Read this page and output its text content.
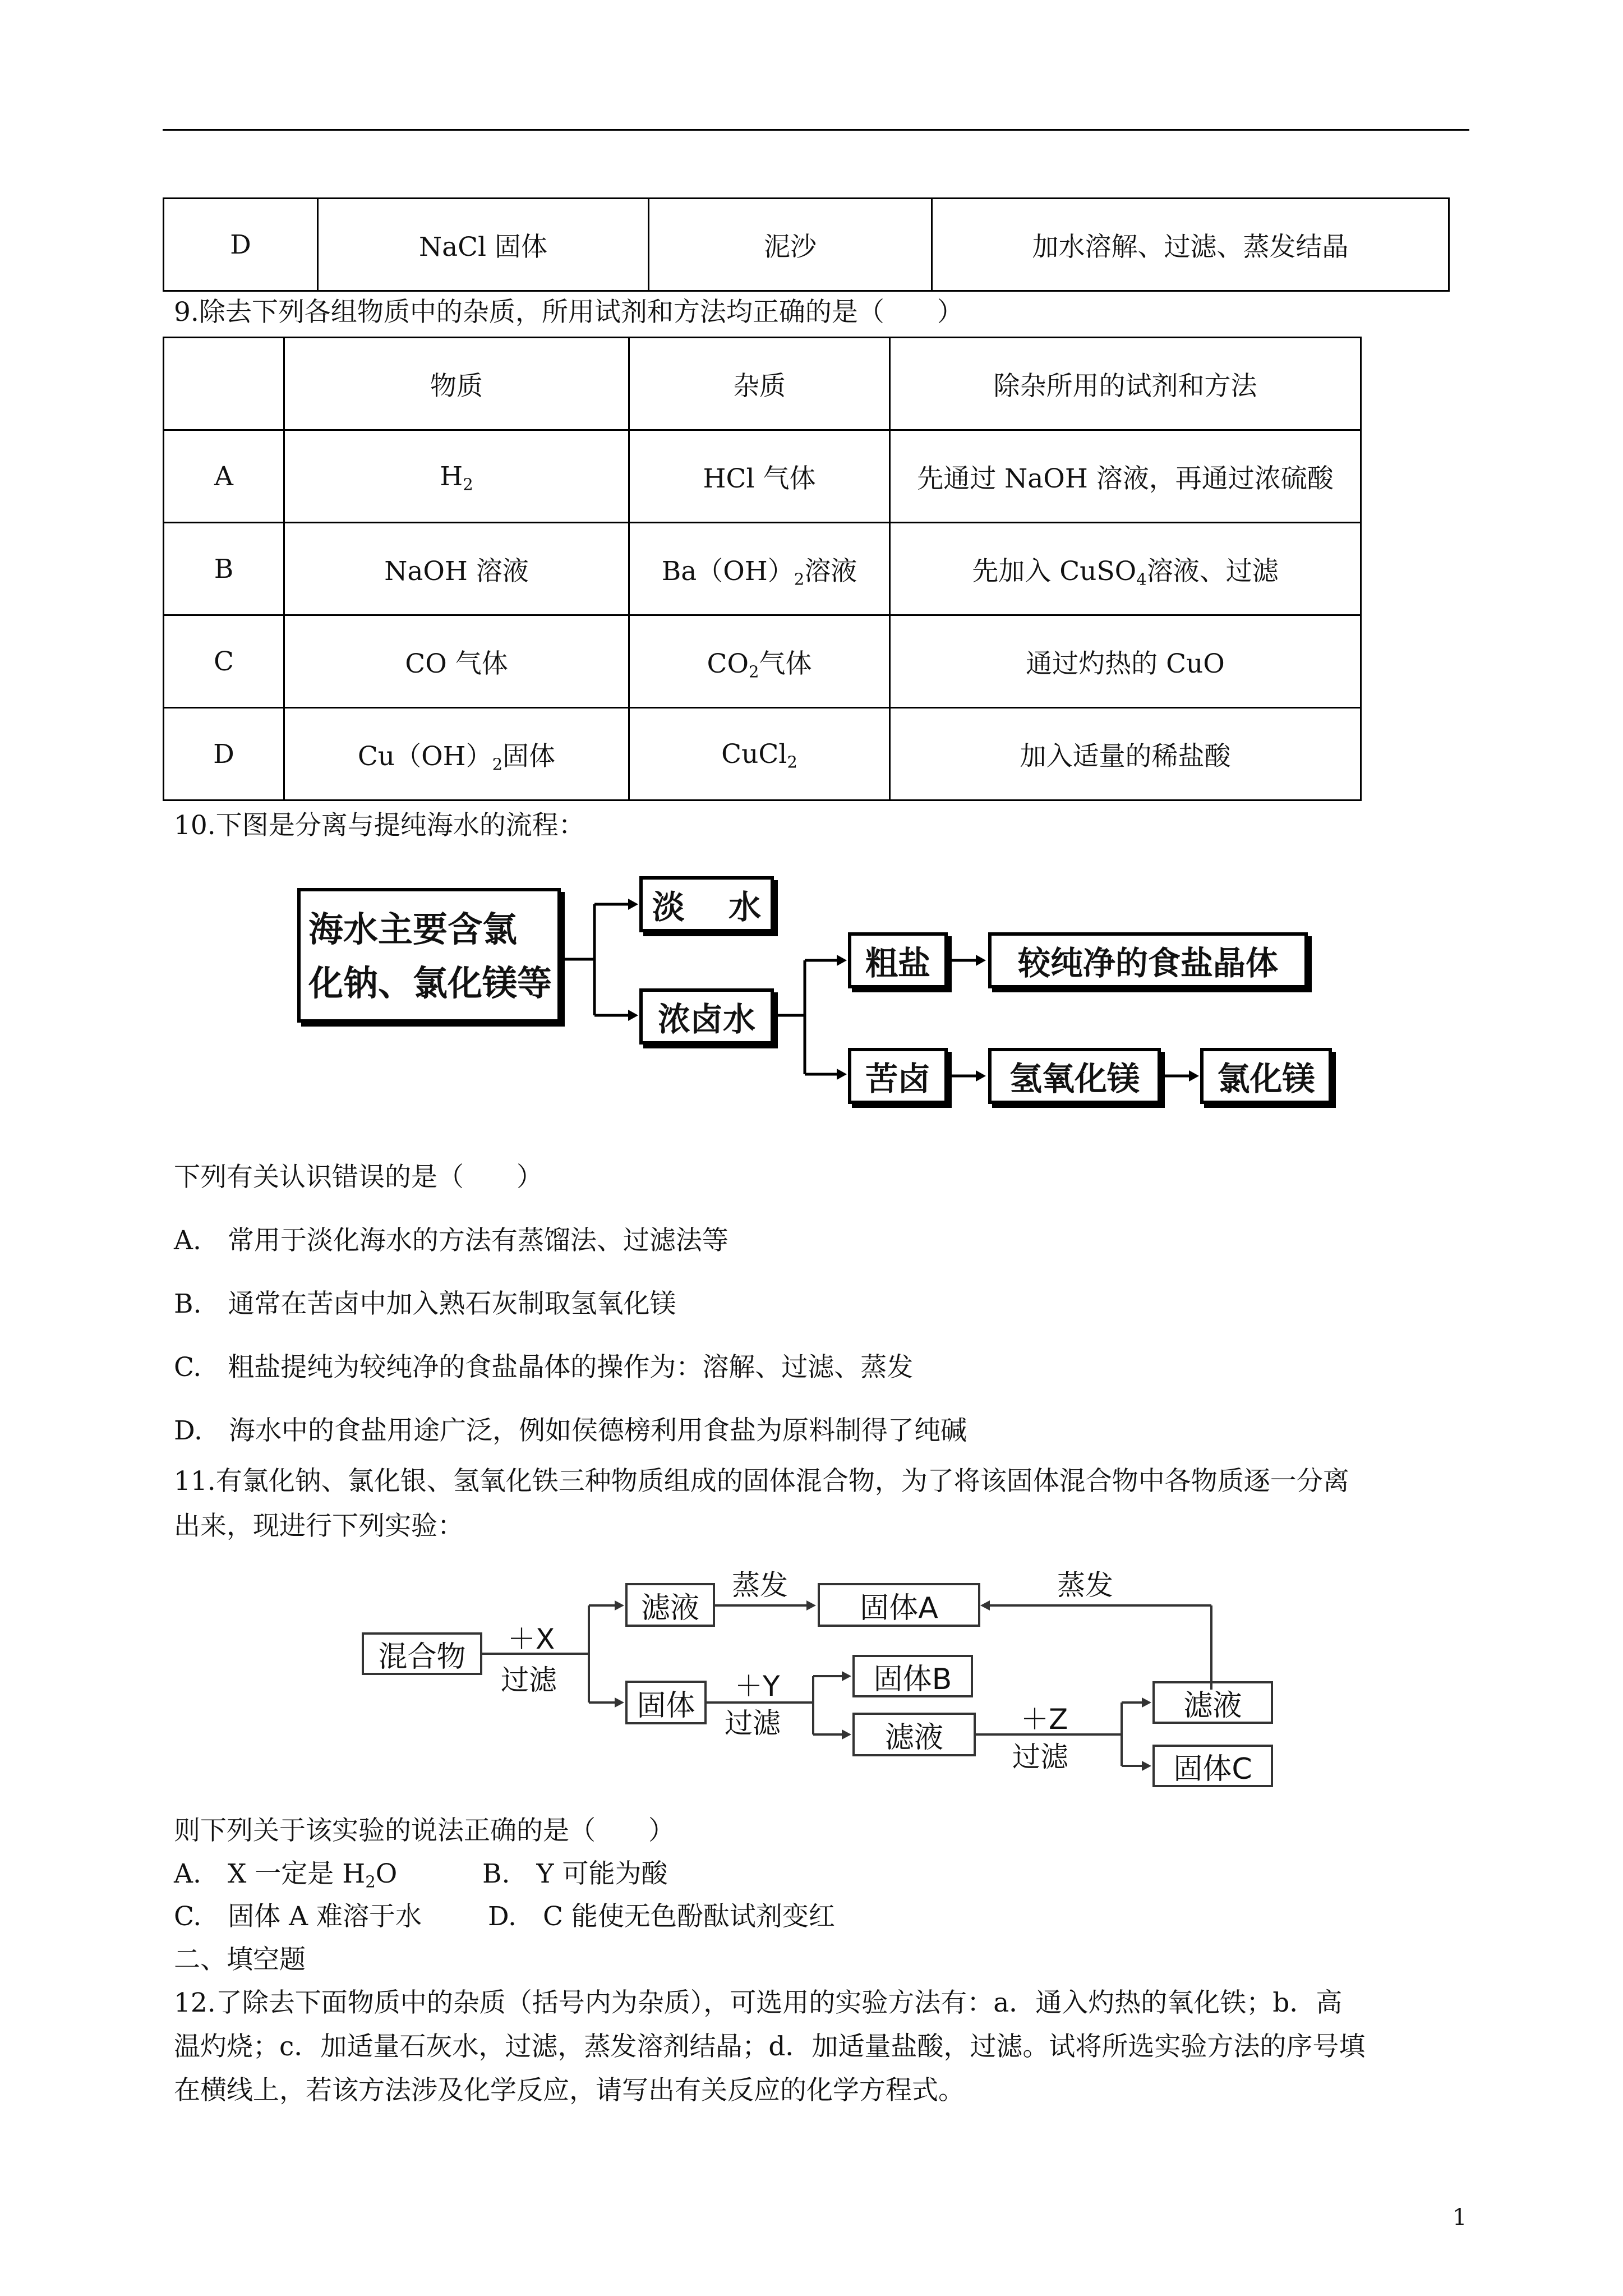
D	NaCl 固体	泥沙	加水溶解、过滤、蒸发结晶
9.除去下列各组物质中的杂质，所用试剂和方法均正确的是（　　）
	物质	杂质	除杂所用的试剂和方法
A	$H_2$	HCl 气体	先通过 NaOH 溶液，再通过浓硫酸
B	NaOH 溶液	$Ba(OH)_2$溶液	先加入 CuSO$_4$溶液、过滤
C	CO 气体	$CO_2$气体	通过灼热的 CuO
D	$Cu(OH)_2$固体	CuCl$_2$	加入适量的稀盐酸
10.下图是分离与提纯海水的流程：
海水主要含氯
化钠、氯化镁等
淡　 水
浓卤水
粗盐	较纯净的食盐晶体
苦卤	氢氧化镁	氯化镁
下列有关认识错误的是（　　）
A.　常用于淡化海水的方法有蒸馏法、过滤法等
B.　通常在苦卤中加入熟石灰制取氢氧化镁
C.　粗盐提纯为较纯净的食盐晶体的操作为：溶解、过滤、蒸发
D.　海水中的食盐用途广泛，例如侯德榜利用食盐为原料制得了纯碱
11.有氯化钠、氯化银、氢氧化铁三种物质组成的固体混合物，为了将该固体混合物中各物质逐一分离
出来，现进行下列实验：
混合物
＋X
过滤
滤液
蒸发
固体A
蒸发
固体
＋Y
过滤
固体B
滤液
＋Z
过滤
滤液
固体C
则下列关于该实验的说法正确的是（　　）
A.　X 一定是 $H_2O$	B.　Y 可能为酸
C.　固体 A 难溶于水	D.　C 能使无色酚酞试剂变红
二、填空题
12.了除去下面物质中的杂质（括号内为杂质），可选用的实验方法有：a．通入灼热的氧化铁；b．高
温灼烧；c．加适量石灰水，过滤，蒸发溶剂结晶；d．加适量盐酸，过滤。试将所选实验方法的序号填
在横线上，若该方法涉及化学反应，请写出有关反应的化学方程式。
1
